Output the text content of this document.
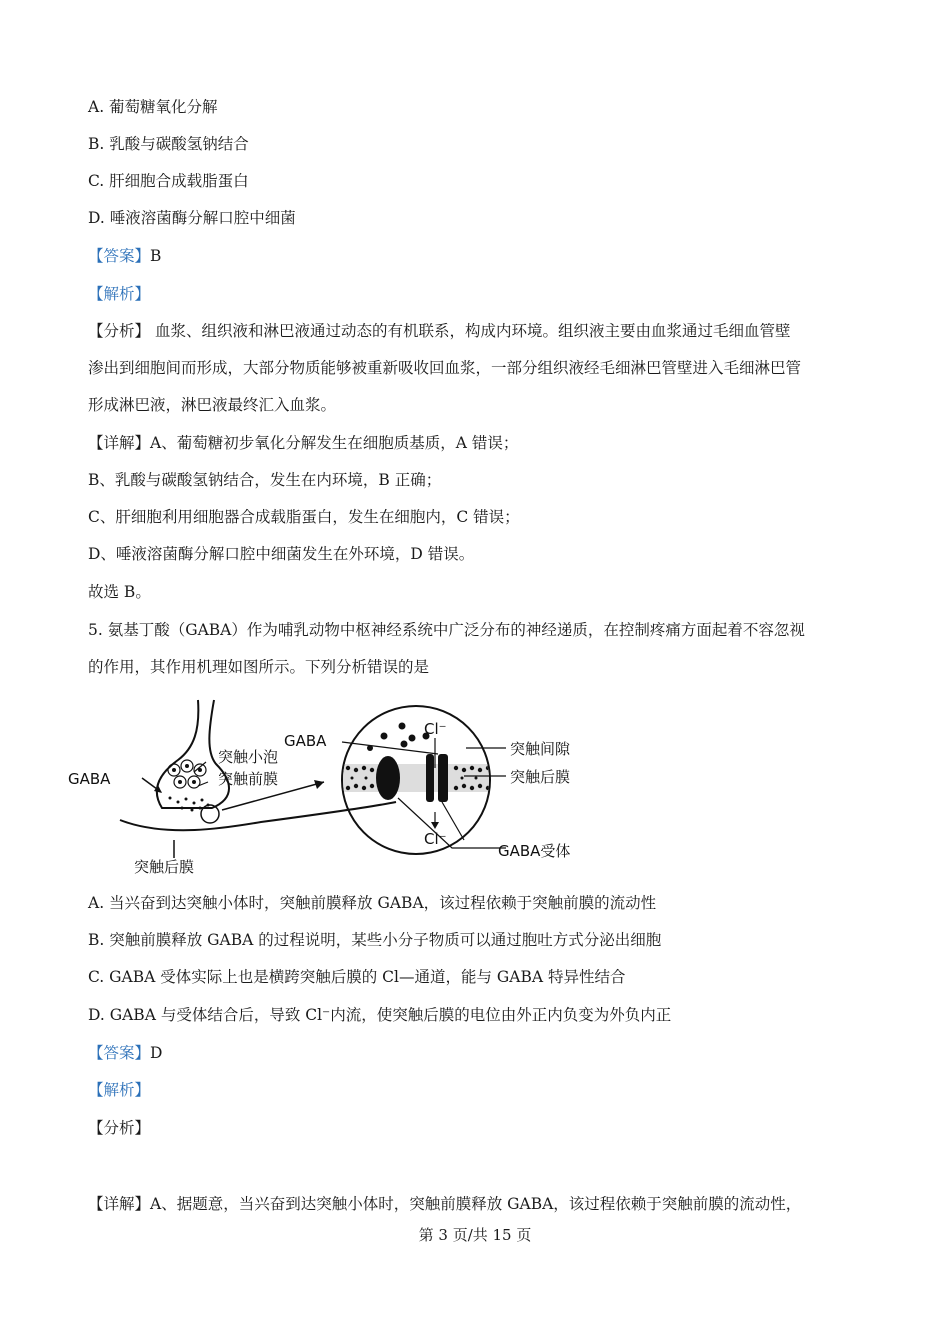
A. 葡萄糖氧化分解
B. 乳酸与碳酸氢钠结合
C. 肝细胞合成载脂蛋白
D. 唾液溶菌酶分解口腔中细菌
【答案】B
【解析】
【分析】 血浆、组织液和淋巴液通过动态的有机联系，构成内环境。组织液主要由血浆通过毛细血管壁
渗出到细胞间而形成，大部分物质能够被重新吸收回血浆，一部分组织液经毛细淋巴管壁进入毛细淋巴管
形成淋巴液，淋巴液最终汇入血浆。
【详解】A、葡萄糖初步氧化分解发生在细胞质基质，A 错误；
B、乳酸与碳酸氢钠结合，发生在内环境，B 正确；
C、肝细胞利用细胞器合成载脂蛋白，发生在细胞内，C 错误；
D、唾液溶菌酶分解口腔中细菌发生在外环境，D 错误。
故选 B。
5. 氨基丁酸（GABA）作为哺乳动物中枢神经系统中广泛分布的神经递质，在控制疼痛方面起着不容忽视
的作用，其作用机理如图所示。下列分析错误的是
GABA
突触小泡
突触前膜
突触后膜
GABA
Cl⁻
Cl⁻
突触间隙
突触后膜
GABA受体
A. 当兴奋到达突触小体时，突触前膜释放 GABA，该过程依赖于突触前膜的流动性
B. 突触前膜释放 GABA 的过程说明，某些小分子物质可以通过胞吐方式分泌出细胞
C. GABA 受体实际上也是横跨突触后膜的 Cl—通道，能与 GABA 特异性结合
D. GABA 与受体结合后，导致 Cl⁻内流，使突触后膜的电位由外正内负变为外负内正
【答案】D
【解析】
【分析】
【详解】A、据题意，当兴奋到达突触小体时，突触前膜释放 GABA，该过程依赖于突触前膜的流动性，
第 3 页/共 15 页
